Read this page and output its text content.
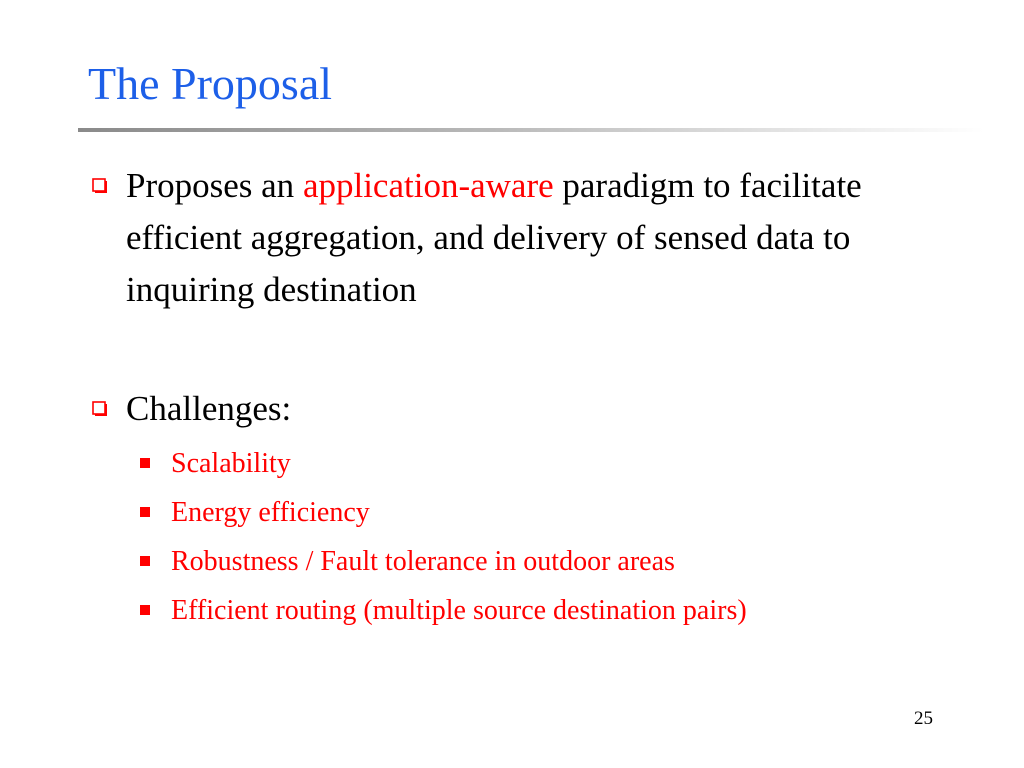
The Proposal
Proposes an application-aware paradigm to facilitate efficient aggregation, and delivery of sensed data to inquiring destination
Challenges:
Scalability
Energy efficiency
Robustness / Fault tolerance in outdoor areas
Efficient routing (multiple source destination pairs)
25
